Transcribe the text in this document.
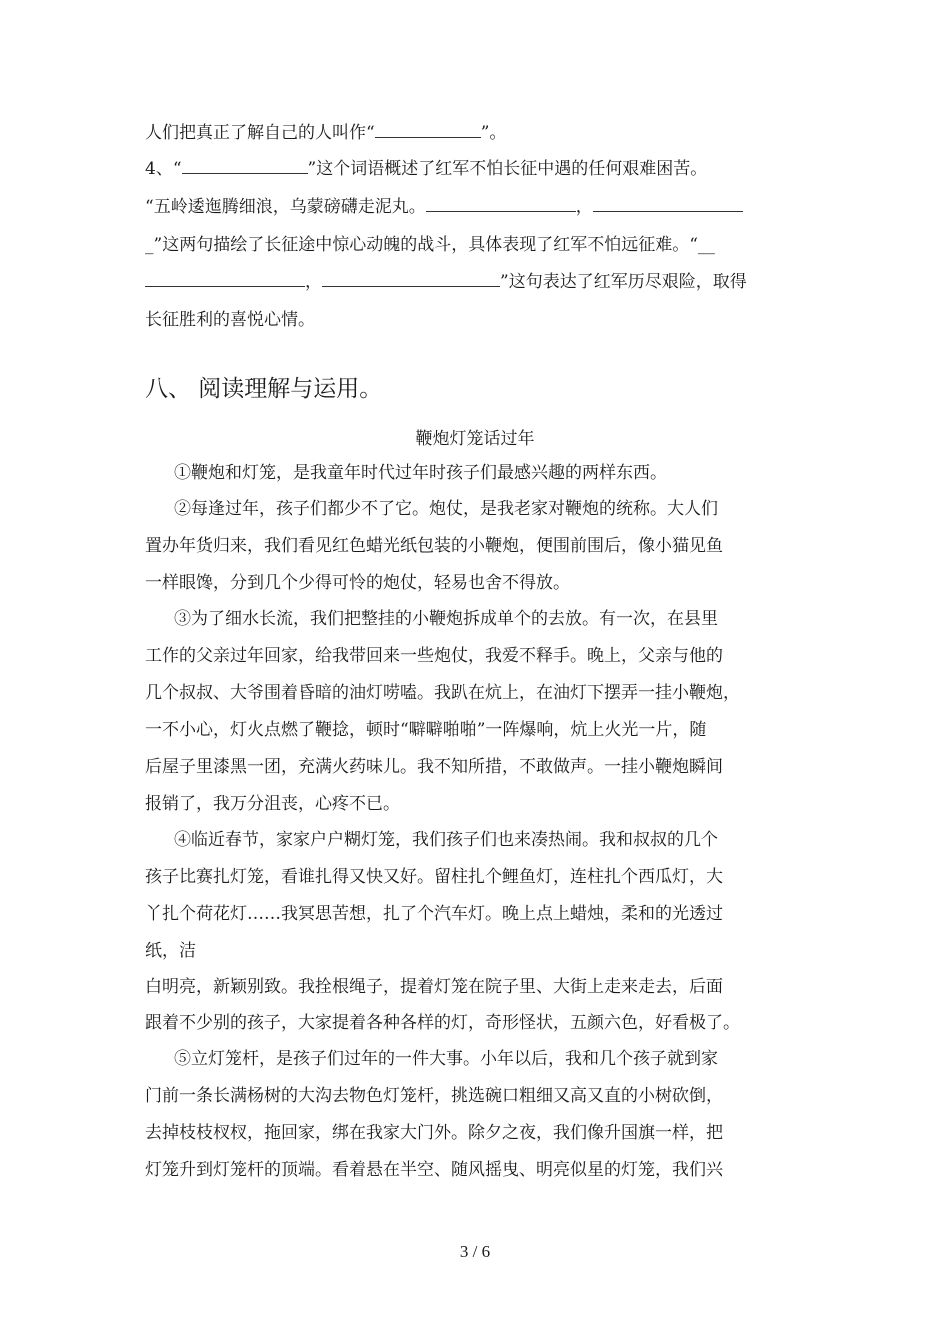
人们把真正了解自己的人叫作“	”。
4、“	”这个词语概述了红军不怕长征中遇的任何艰难困苦。
“五岭逶迤腾细浪，乌蒙磅礴走泥丸。	，
_”这两句描绘了长征途中惊心动魄的战斗，具体表现了红军不怕远征难。“__
，	”这句表达了红军历尽艰险，取得
长征胜利的喜悦心情。
八、 阅读理解与运用。
鞭炮灯笼话过年
①鞭炮和灯笼，是我童年时代过年时孩子们最感兴趣的两样东西。
②每逢过年，孩子们都少不了它。炮仗，是我老家对鞭炮的统称。大人们
置办年货归来，我们看见红色蜡光纸包装的小鞭炮，便围前围后，像小猫见鱼
一样眼馋，分到几个少得可怜的炮仗，轻易也舍不得放。
③为了细水长流，我们把整挂的小鞭炮拆成单个的去放。有一次，在县里
工作的父亲过年回家，给我带回来一些炮仗，我爱不释手。晚上，父亲与他的
几个叔叔、大爷围着昏暗的油灯唠嗑。我趴在炕上，在油灯下摆弄一挂小鞭炮，
一不小心，灯火点燃了鞭捻，顿时“噼噼啪啪”一阵爆响，炕上火光一片，随
后屋子里漆黑一团，充满火药味儿。我不知所措，不敢做声。一挂小鞭炮瞬间
报销了，我万分沮丧，心疼不已。
④临近春节，家家户户糊灯笼，我们孩子们也来凑热闹。我和叔叔的几个
孩子比赛扎灯笼，看谁扎得又快又好。留柱扎个鲤鱼灯，连柱扎个西瓜灯，大
丫扎个荷花灯……我冥思苦想，扎了个汽车灯。晚上点上蜡烛，柔和的光透过
纸，洁
白明亮，新颖别致。我拴根绳子，提着灯笼在院子里、大街上走来走去，后面
跟着不少别的孩子，大家提着各种各样的灯，奇形怪状，五颜六色，好看极了。
⑤立灯笼杆，是孩子们过年的一件大事。小年以后，我和几个孩子就到家
门前一条长满杨树的大沟去物色灯笼杆，挑选碗口粗细又高又直的小树砍倒，
去掉枝枝杈杈，拖回家，绑在我家大门外。除夕之夜，我们像升国旗一样，把
灯笼升到灯笼杆的顶端。看着悬在半空、随风摇曳、明亮似星的灯笼，我们兴
3 / 6
